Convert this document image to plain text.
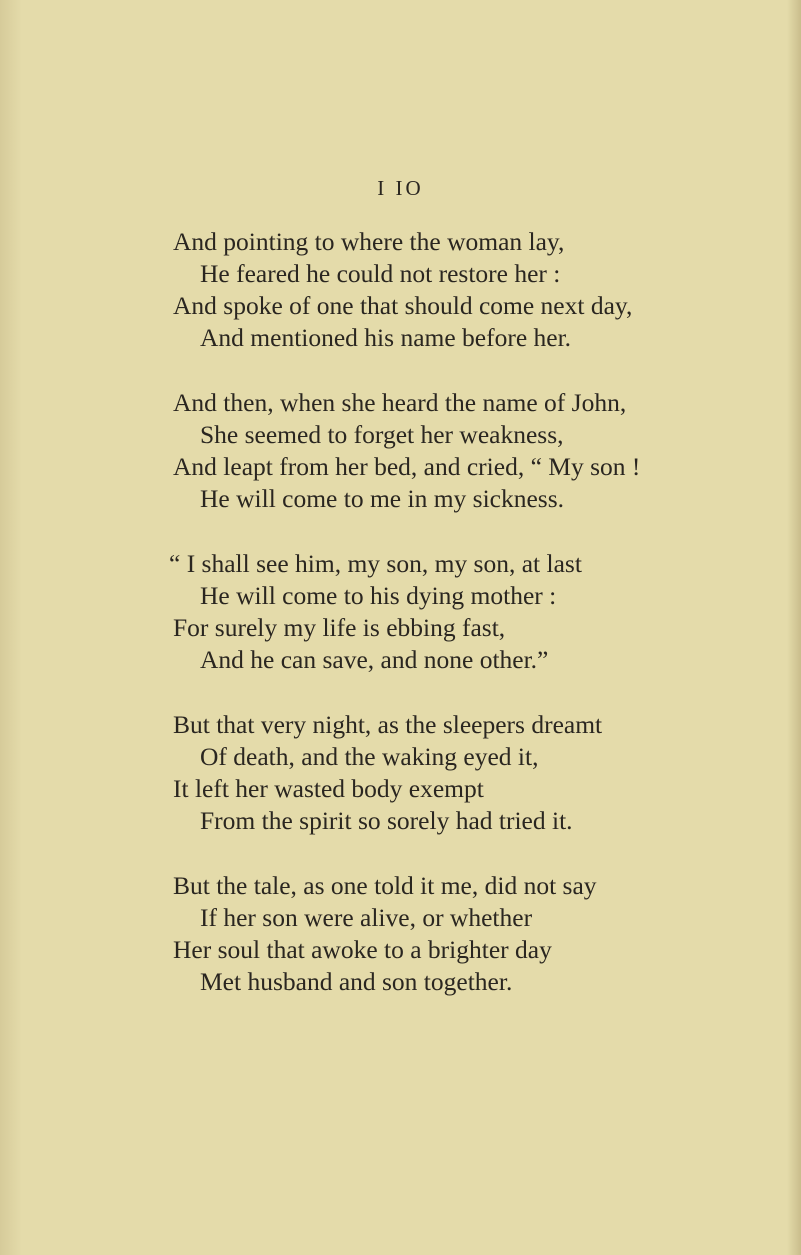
I IO
And pointing to where the woman lay,
He feared he could not restore her :
And spoke of one that should come next day,
And mentioned his name before her.
And then, when she heard the name of John,
She seemed to forget her weakness,
And leapt from her bed, and cried, “ My son !
He will come to me in my sickness.
“ I shall see him, my son, my son, at last
He will come to his dying mother :
For surely my life is ebbing fast,
And he can save, and none other.”
But that very night, as the sleepers dreamt
Of death, and the waking eyed it,
It left her wasted body exempt
From the spirit so sorely had tried it.
But the tale, as one told it me, did not say
If her son were alive, or whether
Her soul that awoke to a brighter day
Met husband and son together.
